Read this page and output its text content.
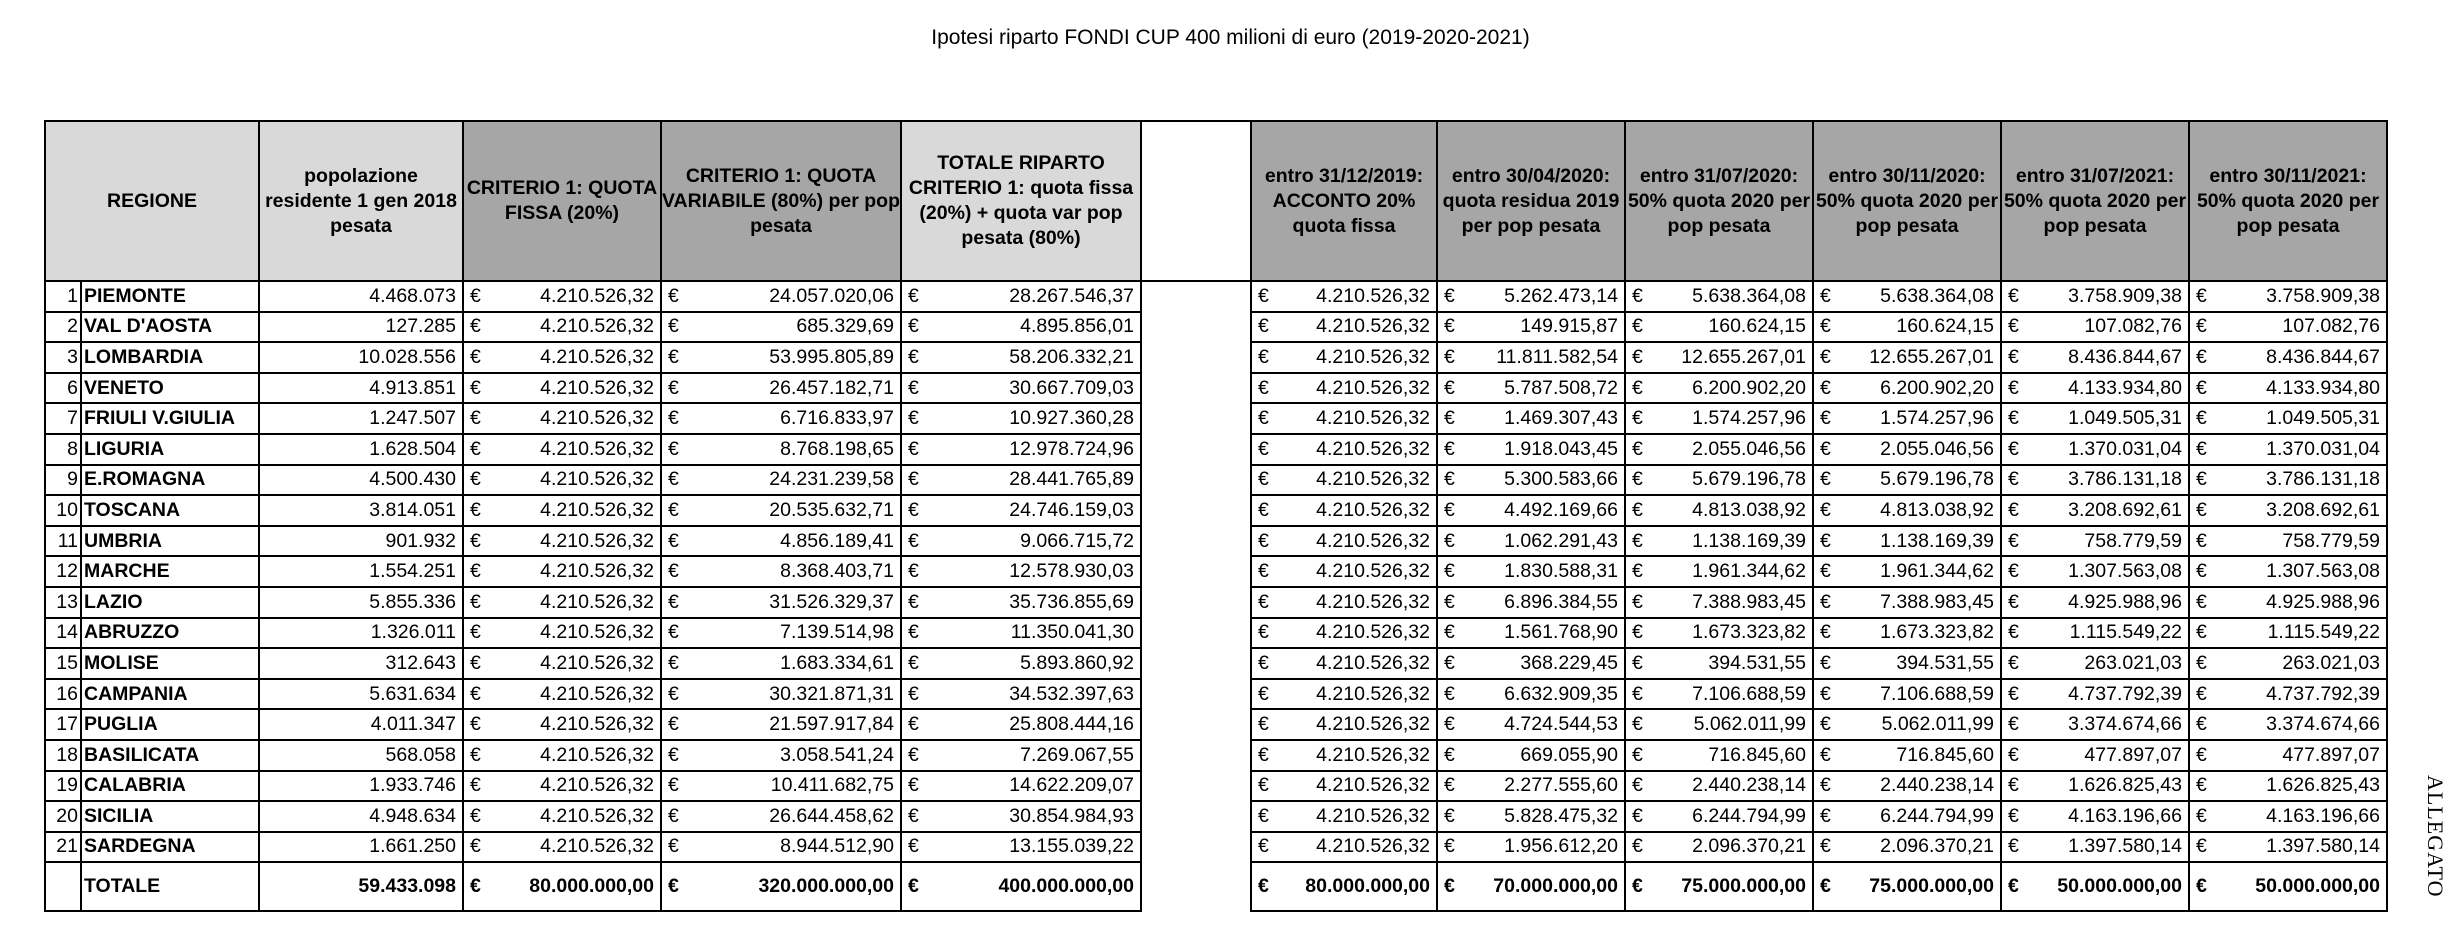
Ipotesi riparto FONDI CUP 400 milioni di euro (2019-2020-2021)
REGIONE		popolazione residente 1 gen 2018 pesata	CRITERIO 1: QUOTA FISSA (20%)	CRITERIO 1: QUOTA VARIABILE (80%) per pop pesata	TOTALE RIPARTO CRITERIO 1: quota fissa (20%) + quota var pop pesata (80%)		entro 31/12/2019: ACCONTO 20% quota fissa	entro 30/04/2020: quota residua 2019 per pop pesata	entro 31/07/2020: 50% quota 2020 per pop pesata	entro 30/11/2020: 50% quota 2020 per pop pesata	entro 31/07/2021: 50% quota 2020 per pop pesata	entro 30/11/2021: 50% quota 2020 per pop pesata
1	PIEMONTE	4.468.073	€ 4.210.526,32	€ 24.057.020,06	€ 28.267.546,37		€ 4.210.526,32	€ 5.262.473,14	€ 5.638.364,08	€ 5.638.364,08	€ 3.758.909,38	€ 3.758.909,38

2	VAL D'AOSTA	127.285	€ 4.210.526,32	€ 685.329,69	€ 4.895.856,01		€ 4.210.526,32	€ 149.915,87	€ 160.624,15	€ 160.624,15	€ 107.082,76	€ 107.082,76

3	LOMBARDIA	10.028.556	€ 4.210.526,32	€ 53.995.805,89	€ 58.206.332,21		€ 4.210.526,32	€ 11.811.582,54	€ 12.655.267,01	€ 12.655.267,01	€ 8.436.844,67	€ 8.436.844,67

6	VENETO	4.913.851	€ 4.210.526,32	€ 26.457.182,71	€ 30.667.709,03		€ 4.210.526,32	€ 5.787.508,72	€ 6.200.902,20	€ 6.200.902,20	€ 4.133.934,80	€ 4.133.934,80

7	FRIULI V.GIULIA	1.247.507	€ 4.210.526,32	€ 6.716.833,97	€ 10.927.360,28		€ 4.210.526,32	€ 1.469.307,43	€ 1.574.257,96	€ 1.574.257,96	€ 1.049.505,31	€ 1.049.505,31

8	LIGURIA	1.628.504	€ 4.210.526,32	€ 8.768.198,65	€ 12.978.724,96		€ 4.210.526,32	€ 1.918.043,45	€ 2.055.046,56	€ 2.055.046,56	€ 1.370.031,04	€ 1.370.031,04

9	E.ROMAGNA	4.500.430	€ 4.210.526,32	€ 24.231.239,58	€ 28.441.765,89		€ 4.210.526,32	€ 5.300.583,66	€ 5.679.196,78	€ 5.679.196,78	€ 3.786.131,18	€ 3.786.131,18

10	TOSCANA	3.814.051	€ 4.210.526,32	€ 20.535.632,71	€ 24.746.159,03		€ 4.210.526,32	€ 4.492.169,66	€ 4.813.038,92	€ 4.813.038,92	€ 3.208.692,61	€ 3.208.692,61

11	UMBRIA	901.932	€ 4.210.526,32	€ 4.856.189,41	€ 9.066.715,72		€ 4.210.526,32	€ 1.062.291,43	€ 1.138.169,39	€ 1.138.169,39	€ 758.779,59	€ 758.779,59

12	MARCHE	1.554.251	€ 4.210.526,32	€ 8.368.403,71	€ 12.578.930,03		€ 4.210.526,32	€ 1.830.588,31	€ 1.961.344,62	€ 1.961.344,62	€ 1.307.563,08	€ 1.307.563,08

13	LAZIO	5.855.336	€ 4.210.526,32	€ 31.526.329,37	€ 35.736.855,69		€ 4.210.526,32	€ 6.896.384,55	€ 7.388.983,45	€ 7.388.983,45	€ 4.925.988,96	€ 4.925.988,96

14	ABRUZZO	1.326.011	€ 4.210.526,32	€ 7.139.514,98	€ 11.350.041,30		€ 4.210.526,32	€ 1.561.768,90	€ 1.673.323,82	€ 1.673.323,82	€ 1.115.549,22	€ 1.115.549,22

15	MOLISE	312.643	€ 4.210.526,32	€ 1.683.334,61	€ 5.893.860,92		€ 4.210.526,32	€ 368.229,45	€ 394.531,55	€ 394.531,55	€ 263.021,03	€ 263.021,03

16	CAMPANIA	5.631.634	€ 4.210.526,32	€ 30.321.871,31	€ 34.532.397,63		€ 4.210.526,32	€ 6.632.909,35	€ 7.106.688,59	€ 7.106.688,59	€ 4.737.792,39	€ 4.737.792,39

17	PUGLIA	4.011.347	€ 4.210.526,32	€ 21.597.917,84	€ 25.808.444,16		€ 4.210.526,32	€ 4.724.544,53	€ 5.062.011,99	€ 5.062.011,99	€ 3.374.674,66	€ 3.374.674,66

18	BASILICATA	568.058	€ 4.210.526,32	€ 3.058.541,24	€ 7.269.067,55		€ 4.210.526,32	€ 669.055,90	€ 716.845,60	€ 716.845,60	€ 477.897,07	€ 477.897,07

19	CALABRIA	1.933.746	€ 4.210.526,32	€ 10.411.682,75	€ 14.622.209,07		€ 4.210.526,32	€ 2.277.555,60	€ 2.440.238,14	€ 2.440.238,14	€ 1.626.825,43	€ 1.626.825,43

20	SICILIA	4.948.634	€ 4.210.526,32	€ 26.644.458,62	€ 30.854.984,93		€ 4.210.526,32	€ 5.828.475,32	€ 6.244.794,99	€ 6.244.794,99	€ 4.163.196,66	€ 4.163.196,66

21	SARDEGNA	1.661.250	€ 4.210.526,32	€ 8.944.512,90	€ 13.155.039,22		€ 4.210.526,32	€ 1.956.612,20	€ 2.096.370,21	€ 2.096.370,21	€ 1.397.580,14	€ 1.397.580,14

	TOTALE	59.433.098	€ 80.000.000,00	€ 320.000.000,00	€ 400.000.000,00		€ 80.000.000,00	€ 70.000.000,00	€ 75.000.000,00	€ 75.000.000,00	€ 50.000.000,00	€ 50.000.000,00 ALLEGATO
